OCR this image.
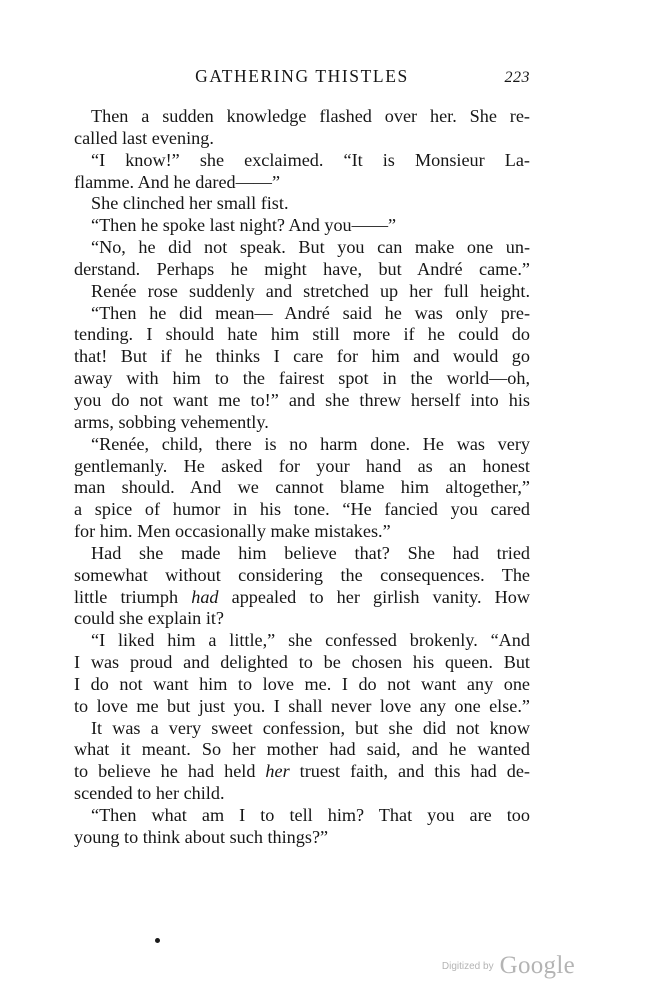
GATHERING THISTLES	223
Then a sudden knowledge flashed over her. She re-
called last evening.
“I know!” she exclaimed. “It is Monsieur La-
flamme. And he dared——”
She clinched her small fist.
“Then he spoke last night? And you——”
“No, he did not speak. But you can make one un-
derstand. Perhaps he might have, but André came.”
Renée rose suddenly and stretched up her full height.
“Then he did mean— André said he was only pre-
tending. I should hate him still more if he could do
that! But if he thinks I care for him and would go
away with him to the fairest spot in the world—oh,
you do not want me to!” and she threw herself into his
arms, sobbing vehemently.
“Renée, child, there is no harm done. He was very
gentlemanly. He asked for your hand as an honest
man should. And we cannot blame him altogether,”
a spice of humor in his tone. “He fancied you cared
for him. Men occasionally make mistakes.”
Had she made him believe that? She had tried
somewhat without considering the consequences. The
little triumph had appealed to her girlish vanity. How
could she explain it?
“I liked him a little,” she confessed brokenly. “And
I was proud and delighted to be chosen his queen. But
I do not want him to love me. I do not want any one
to love me but just you. I shall never love any one else.”
It was a very sweet confession, but she did not know
what it meant. So her mother had said, and he wanted
to believe he had held her truest faith, and this had de-
scended to her child.
“Then what am I to tell him? That you are too
young to think about such things?”
$^{Digitized by}$ Google
